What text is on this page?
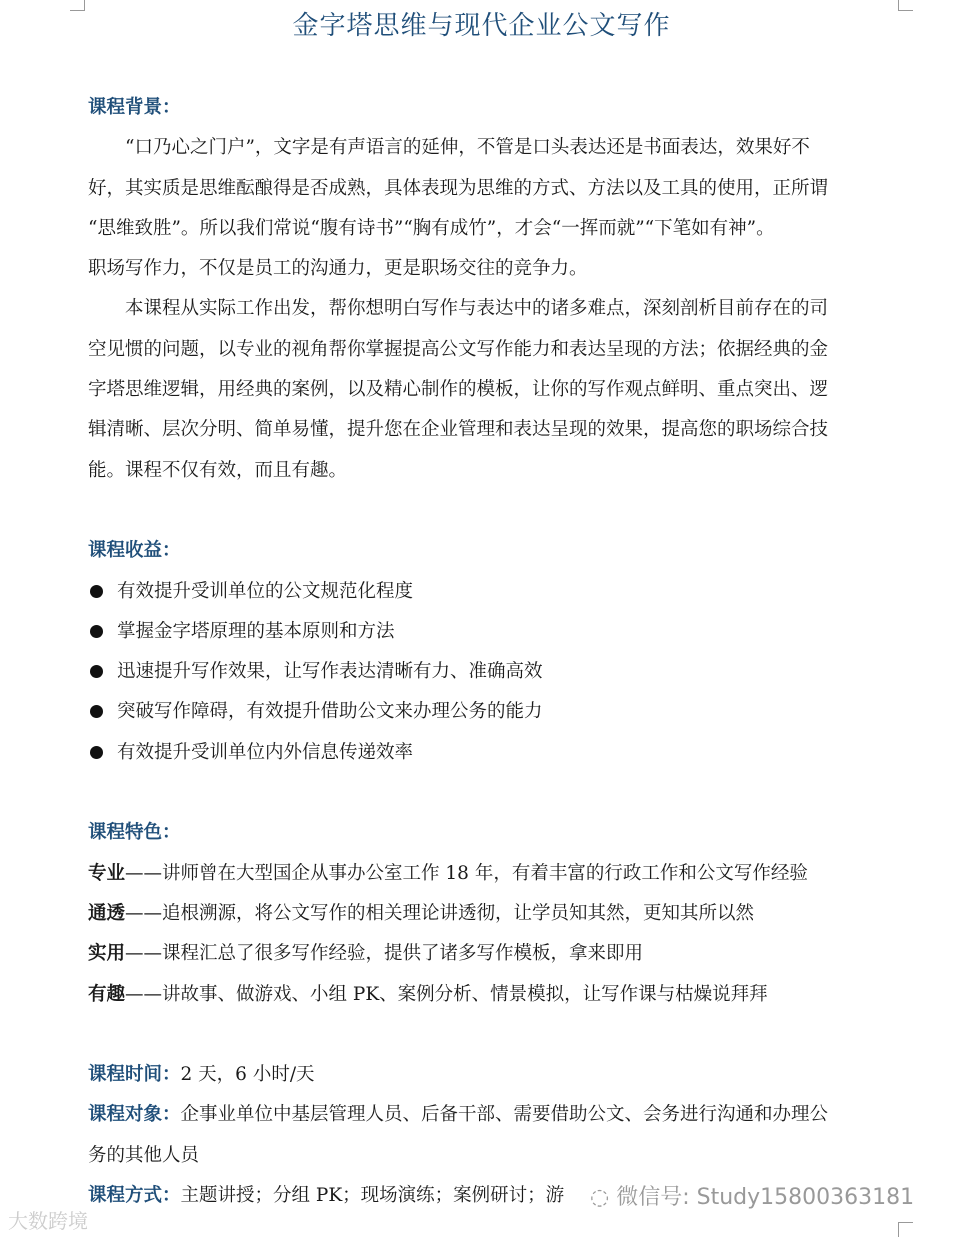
金字塔思维与现代企业公文写作
课程背景：
“口乃心之门户”，文字是有声语言的延伸，不管是口头表达还是书面表达，效果好不
好，其实质是思维酝酿得是否成熟，具体表现为思维的方式、方法以及工具的使用，正所谓
“思维致胜”。所以我们常说“腹有诗书”“胸有成竹”，才会“一挥而就”“下笔如有神”。
职场写作力，不仅是员工的沟通力，更是职场交往的竞争力。
本课程从实际工作出发，帮你想明白写作与表达中的诸多难点，深刻剖析目前存在的司
空见惯的问题，以专业的视角帮你掌握提高公文写作能力和表达呈现的方法；依据经典的金
字塔思维逻辑，用经典的案例，以及精心制作的模板，让你的写作观点鲜明、重点突出、逻
辑清晰、层次分明、简单易懂，提升您在企业管理和表达呈现的效果，提高您的职场综合技
能。课程不仅有效，而且有趣。
课程收益：
有效提升受训单位的公文规范化程度
掌握金字塔原理的基本原则和方法
迅速提升写作效果，让写作表达清晰有力、准确高效
突破写作障碍，有效提升借助公文来办理公务的能力
有效提升受训单位内外信息传递效率
课程特色：
专业——讲师曾在大型国企从事办公室工作 18 年，有着丰富的行政工作和公文写作经验
通透——追根溯源，将公文写作的相关理论讲透彻，让学员知其然，更知其所以然
实用——课程汇总了很多写作经验，提供了诸多写作模板，拿来即用
有趣——讲故事、做游戏、小组 PK、案例分析、情景模拟，让写作课与枯燥说拜拜
课程时间：2 天，6 小时/天
课程对象：企事业单位中基层管理人员、后备干部、需要借助公文、会务进行沟通和办理公
务的其他人员
课程方式：主题讲授；分组 PK；现场演练；案例研讨；游
大数跨境
◌ 微信号: Study15800363181
